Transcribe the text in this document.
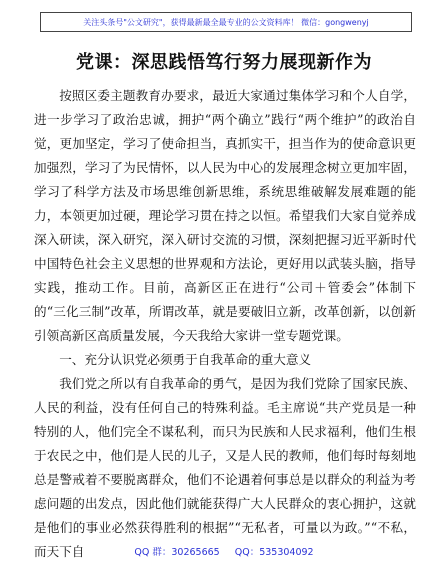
关注头条号"公文研究"，获得最新最全最专业的公文资料库！ 微信：gongwenyj
党课：深思践悟笃行努力展现新作为

按照区委主题教育办要求，最近大家通过集体学习和个人自学，进一步学习了政治忠诚，拥护“两个确立”践行“两个维护”的政治自觉，更加坚定，学习了使命担当，真抓实干，担当作为的使命意识更加强烈，学习了为民情怀，以人民为中心的发展理念树立更加牢固，学习了科学方法及市场思维创新思维，系统思维破解发展难题的能力，本领更加过硬，理论学习贯在持之以恒。希望我们大家自觉养成深入研读，深入研究，深入研讨交流的习惯，深刻把握习近平新时代中国特色社会主义思想的世界观和方法论，更好用以武装头脑，指导实践，推动工作。目前，高新区正在进行“公司＋管委会”体制下的“三化三制”改革，所谓改革，就是要破旧立新，改革创新，以创新引领高新区高质量发展，今天我给大家讲一堂专题党课。

一、充分认识党必须勇于自我革命的重大意义

我们党之所以有自我革命的勇气，是因为我们党除了国家民族、人民的利益，没有任何自己的特殊利益。毛主席说“共产党员是一种特别的人，他们完全不谋私利，而只为民族和人民求福利，他们生根于农民之中，他们是人民的儿子，又是人民的教师，他们每时每刻地总是警戒着不要脱离群众，他们不论遇着何事总是以群众的利益为考虑问题的出发点，因此他们就能获得广大人民群众的衷心拥护，这就是他们的事业必然获得胜利的根据”“无私者，可量以为政。”“不私，而天下自	QQ 群：30265665 QQ：535304092
